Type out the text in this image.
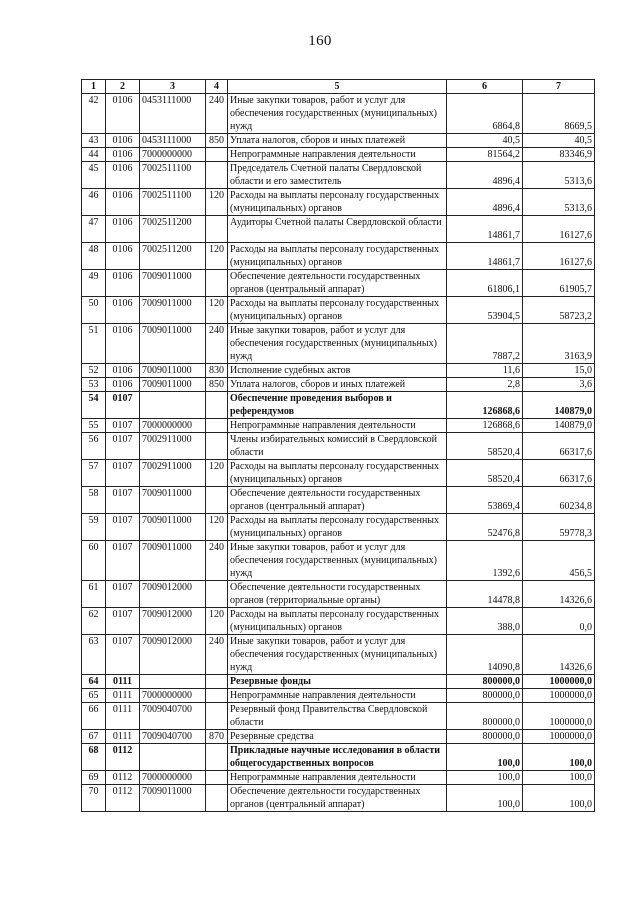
160
1	2	3	4	5	6	7
42	0106	0453111000	240	Иные закупки товаров, работ и услуг для обеспечения государственных (муниципальных) нужд	6864,8	8669,5
43	0106	0453111000	850	Уплата налогов, сборов и иных платежей	40,5	40,5
44	0106	7000000000		Непрограммные направления деятельности	81564,2	83346,9
45	0106	7002511100		Председатель Счетной палаты Свердловской области и его заместитель	4896,4	5313,6
46	0106	7002511100	120	Расходы на выплаты персоналу государственных (муниципальных) органов	4896,4	5313,6
47	0106	7002511200		Аудиторы Счетной палаты Свердловской области	14861,7	16127,6
48	0106	7002511200	120	Расходы на выплаты персоналу государственных (муниципальных) органов	14861,7	16127,6
49	0106	7009011000		Обеспечение деятельности государственных органов (центральный аппарат)	61806,1	61905,7
50	0106	7009011000	120	Расходы на выплаты персоналу государственных (муниципальных) органов	53904,5	58723,2
51	0106	7009011000	240	Иные закупки товаров, работ и услуг для обеспечения государственных (муниципальных) нужд	7887,2	3163,9
52	0106	7009011000	830	Исполнение судебных актов	11,6	15,0
53	0106	7009011000	850	Уплата налогов, сборов и иных платежей	2,8	3,6
54	0107			Обеспечение проведения выборов и референдумов	126868,6	140879,0
55	0107	7000000000		Непрограммные направления деятельности	126868,6	140879,0
56	0107	7002911000		Члены избирательных комиссий в Свердловской области	58520,4	66317,6
57	0107	7002911000	120	Расходы на выплаты персоналу государственных (муниципальных) органов	58520,4	66317,6
58	0107	7009011000		Обеспечение деятельности государственных органов (центральный аппарат)	53869,4	60234,8
59	0107	7009011000	120	Расходы на выплаты персоналу государственных (муниципальных) органов	52476,8	59778,3
60	0107	7009011000	240	Иные закупки товаров, работ и услуг для обеспечения государственных (муниципальных) нужд	1392,6	456,5
61	0107	7009012000		Обеспечение деятельности государственных органов (территориальные органы)	14478,8	14326,6
62	0107	7009012000	120	Расходы на выплаты персоналу государственных (муниципальных) органов	388,0	0,0
63	0107	7009012000	240	Иные закупки товаров, работ и услуг для обеспечения государственных (муниципальных) нужд	14090,8	14326,6
64	0111			Резервные фонды	800000,0	1000000,0
65	0111	7000000000		Непрограммные направления деятельности	800000,0	1000000,0
66	0111	7009040700		Резервный фонд Правительства Свердловской области	800000,0	1000000,0
67	0111	7009040700	870	Резервные средства	800000,0	1000000,0
68	0112			Прикладные научные исследования в области общегосударственных вопросов	100,0	100,0
69	0112	7000000000		Непрограммные направления деятельности	100,0	100,0
70	0112	7009011000		Обеспечение деятельности государственных органов (центральный аппарат)	100,0	100,0
